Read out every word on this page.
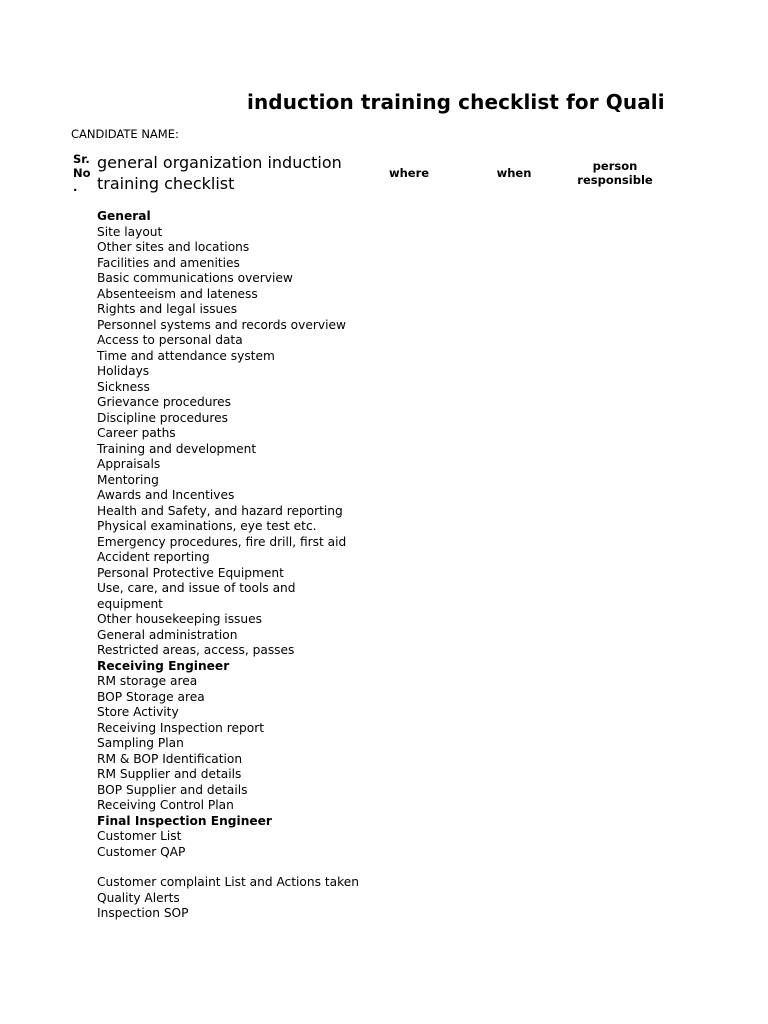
induction training checklist for Quali
CANDIDATE NAME:
Sr. No .
general organization induction training checklist
where	when	person responsible
General
Site layout
Other sites and locations
Facilities and amenities
Basic communications overview
Absenteeism and lateness
Rights and legal issues
Personnel systems and records overview
Access to personal data
Time and attendance system
Holidays
Sickness
Grievance procedures
Discipline procedures
Career paths
Training and development
Appraisals
Mentoring
Awards and Incentives
Health and Safety, and hazard reporting
Physical examinations, eye test etc.
Emergency procedures, fire drill, first aid
Accident reporting
Personal Protective Equipment
Use, care, and issue of tools and equipment
Other housekeeping issues
General administration
Restricted areas, access, passes
Receiving Engineer
RM storage area
BOP Storage area
Store Activity
Receiving Inspection report
Sampling Plan
RM & BOP Identification
RM Supplier and details
BOP Supplier and details
Receiving Control Plan
Final Inspection Engineer
Customer List
Customer QAP
Customer complaint List and Actions taken
Quality Alerts
Inspection SOP
